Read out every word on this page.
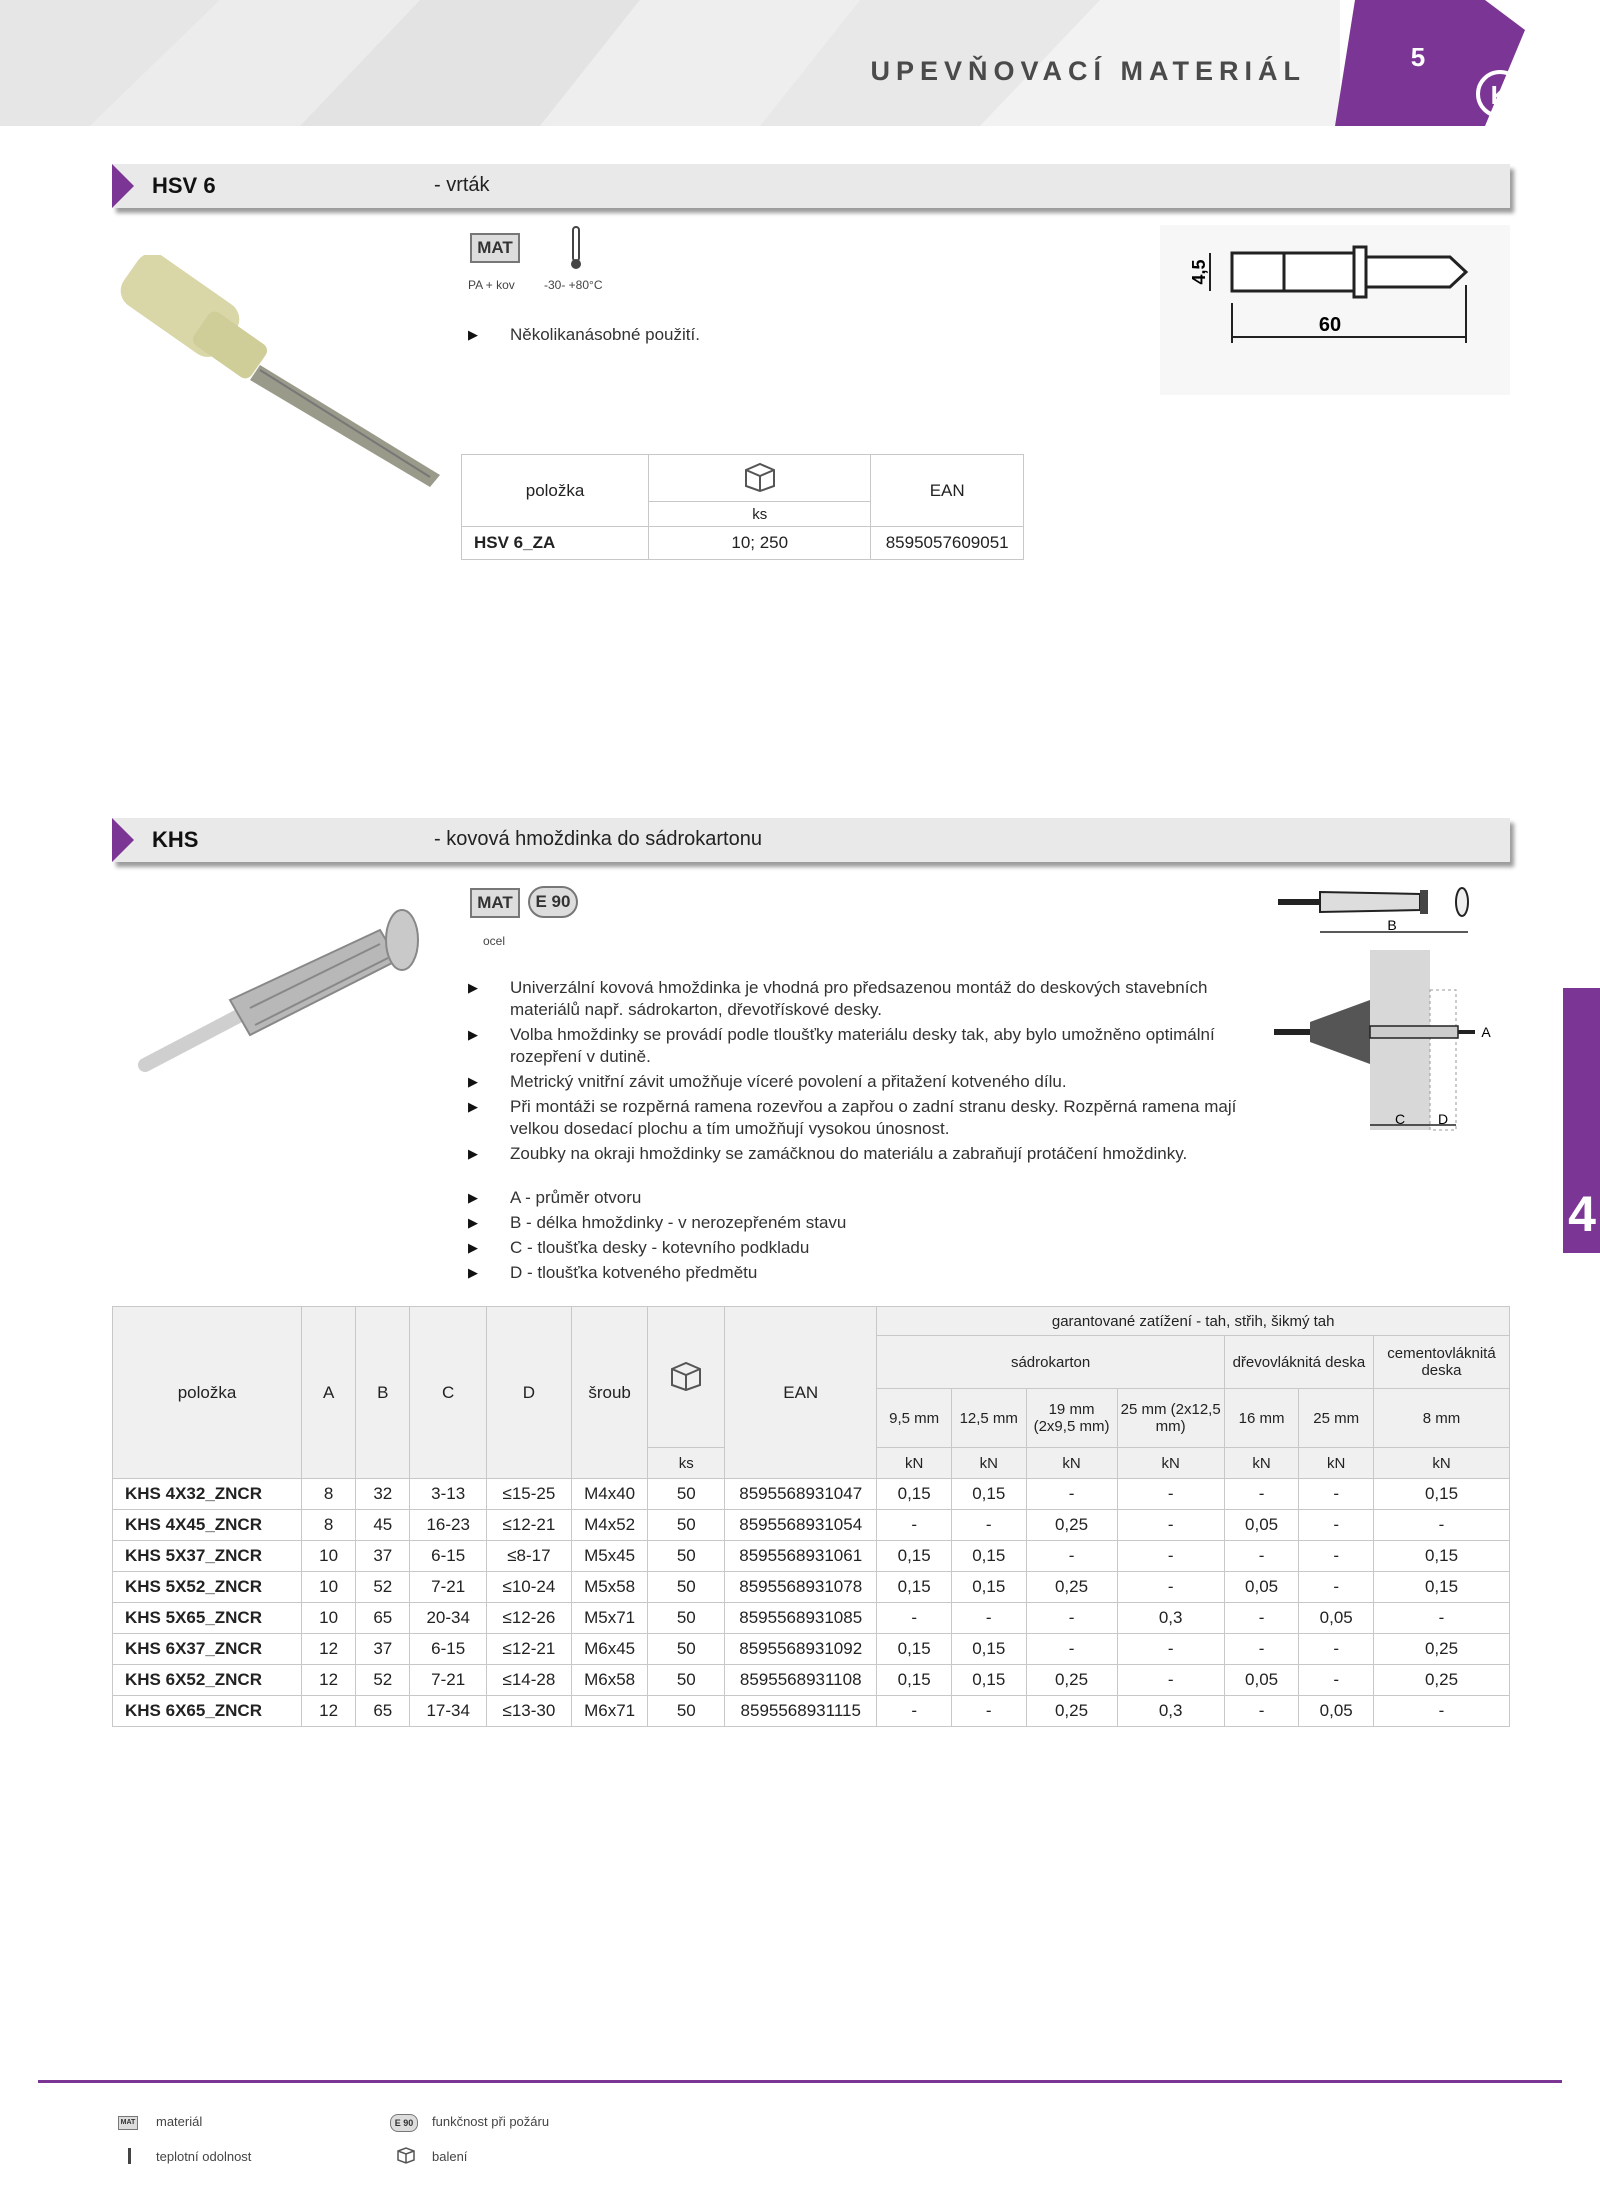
UPEVŇOVACÍ MATERIÁL
K
5
HSV 6	- vrták
MAT
PA + kov -30- +80°C
▶ Několikanásobné použití.
4,5
60
položka		EAN
	ks	
HSV 6_ZA	10; 250	8595057609051
KHS	- kovová hmoždinka do sádrokartonu
MAT	E 90
ocel
▶ Univerzální kovová hmoždinka je vhodná pro předsazenou montáž do deskových stavebních materiálů např. sádrokarton, dřevotřískové desky.
▶ Volba hmoždinky se provádí podle tloušťky materiálu desky tak, aby bylo umožněno optimální rozepření v dutině.
▶ Metrický vnitřní závit umožňuje víceré povolení a přitažení kotveného dílu.
▶ Při montáži se rozpěrná ramena rozevřou a zapřou o zadní stranu desky. Rozpěrná ramena mají velkou dosedací plochu a tím umožňují vysokou únosnost.
▶ Zoubky na okraji hmoždinky se zamáčknou do materiálu a zabraňují protáčení hmoždinky.
▶ A - průměr otvoru
▶ B - délka hmoždinky - v nerozepřeném stavu
▶ C - tloušťka desky - kotevního podkladu
▶ D - tloušťka kotveného předmětu
B
C D
A
položka	A	B	C	D	šroub		EAN	garantované zatížení - tah, střih, šikmý tah						
								sádrokarton				dřevovláknitá deska		cementovláknitá deska
								9,5 mm	12,5 mm	19 mm (2x9,5 mm)	25 mm (2x12,5 mm)	16 mm	25 mm	8 mm
						ks		kN	kN	kN	kN	kN	kN	kN
KHS 4X32_ZNCR	8	32	3-13	≤15-25	M4x40	50	8595568931047	0,15	0,15	-	-	-	-	0,15
KHS 4X45_ZNCR	8	45	16-23	≤12-21	M4x52	50	8595568931054	-	-	0,25	-	0,05	-	-
KHS 5X37_ZNCR	10	37	6-15	≤8-17	M5x45	50	8595568931061	0,15	0,15	-	-	-	-	0,15
KHS 5X52_ZNCR	10	52	7-21	≤10-24	M5x58	50	8595568931078	0,15	0,15	0,25	-	0,05	-	0,15
KHS 5X65_ZNCR	10	65	20-34	≤12-26	M5x71	50	8595568931085	-	-	-	0,3	-	0,05	-
KHS 6X37_ZNCR	12	37	6-15	≤12-21	M6x45	50	8595568931092	0,15	0,15	-	-	-	-	0,25
KHS 6X52_ZNCR	12	52	7-21	≤14-28	M6x58	50	8595568931108	0,15	0,15	0,25	-	0,05	-	0,25
KHS 6X65_ZNCR	12	65	17-34	≤13-30	M6x71	50	8595568931115	-	-	0,25	0,3	-	0,05	-
4
MAT materiál	E 90	funkčnost při požáru
teplotní odolnost	balení
